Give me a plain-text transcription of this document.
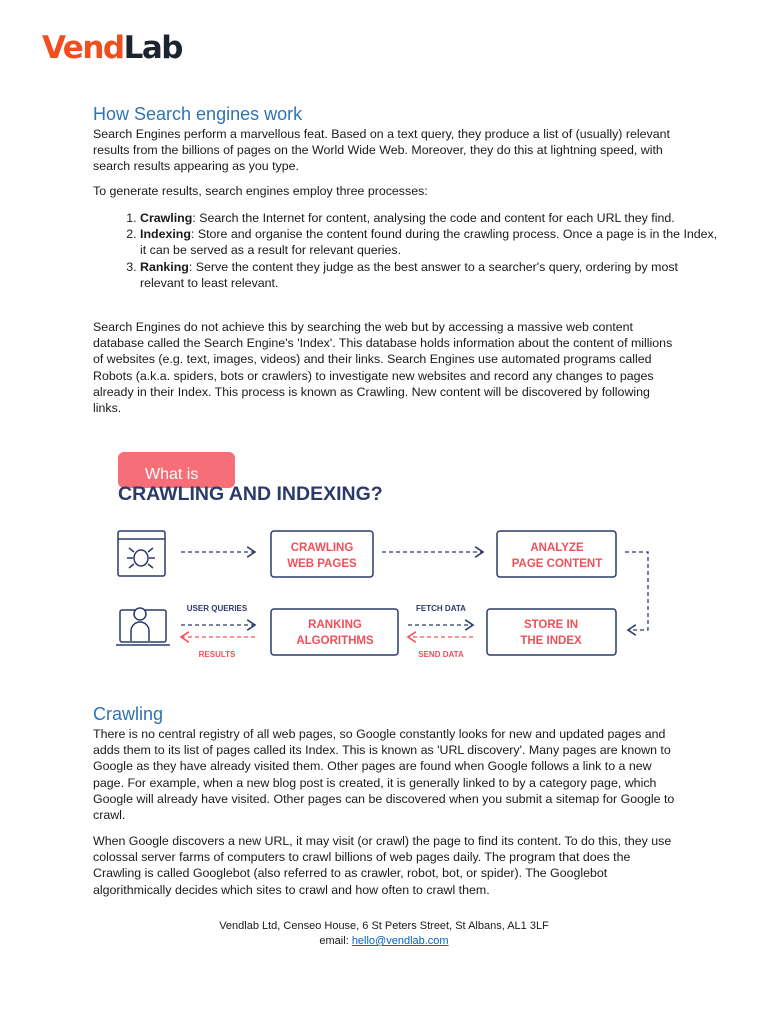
VendLab
How Search engines work

Search Engines perform a marvellous feat. Based on a text query, they produce a list of (usually) relevant results from the billions of pages on the World Wide Web. Moreover, they do this at lightning speed, with search results appearing as you type.

To generate results, search engines employ three processes:

1. Crawling: Search the Internet for content, analysing the code and content for each URL they find.
2. Indexing: Store and organise the content found during the crawling process. Once a page is in the Index, it can be served as a result for relevant queries.
3. Ranking: Serve the content they judge as the best answer to a searcher's query, ordering by most relevant to least relevant.

Search Engines do not achieve this by searching the web but by accessing a massive web content database called the Search Engine's 'Index'. This database holds information about the content of millions of websites (e.g. text, images, videos) and their links. Search Engines use automated programs called Robots (a.k.a. spiders, bots or crawlers) to investigate new websites and record any changes to pages already in their Index. This process is known as Crawling. New content will be discovered by following links.

What is
CRAWLING AND INDEXING?
CRAWLING
WEB PAGES
ANALYZE
PAGE CONTENT
RANKING
ALGORITHMS
STORE IN
THE INDEX
USER QUERIES
RESULTS
FETCH DATA
SEND DATA
Crawling

There is no central registry of all web pages, so Google constantly looks for new and updated pages and adds them to its list of pages called its Index. This is known as 'URL discovery'. Many pages are known to Google as they have already visited them. Other pages are found when Google follows a link to a new page. For example, when a new blog post is created, it is generally linked to by a category page, which Google will already have visited. Other pages can be discovered when you submit a sitemap for Google to crawl.

When Google discovers a new URL, it may visit (or crawl) the page to find its content. To do this, they use colossal server farms of computers to crawl billions of web pages daily. The program that does the Crawling is called Googlebot (also referred to as crawler, robot, bot, or spider). The Googlebot algorithmically decides which sites to crawl and how often to crawl them.

Vendlab Ltd, Censeo House, 6 St Peters Street, St Albans, AL1 3LF
email: hello@vendlab.com
